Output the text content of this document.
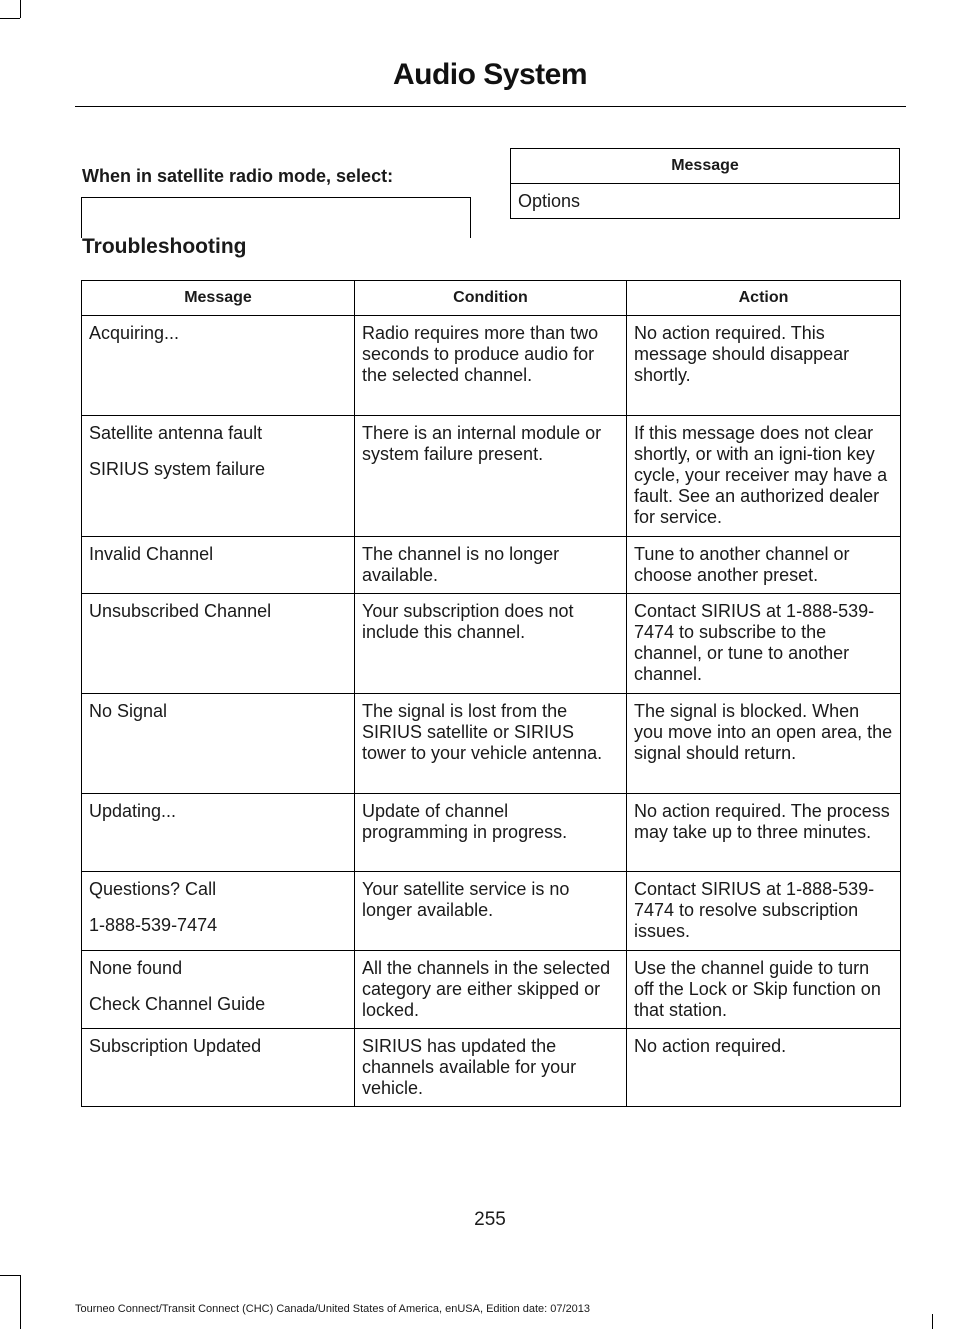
Audio System
When in satellite radio mode, select:
Message
Options
Troubleshooting
Message	Condition	Action

Acquiring...	Radio requires more than two seconds to produce audio for the selected channel.	No action required. This message should disappear shortly.

Satellite antenna fault

SIRIUS system failure	There is an internal module or system failure present.	If this message does not clear shortly, or with an igni-tion key cycle, your receiver may have a fault. See an authorized dealer for service.

Invalid Channel	The channel is no longer available.	Tune to another channel or choose another preset.

Unsubscribed Channel	Your subscription does not include this channel.	Contact SIRIUS at 1-888-539-7474 to subscribe to the channel, or tune to another channel.

No Signal	The signal is lost from the SIRIUS satellite or SIRIUS tower to your vehicle antenna.	The signal is blocked. When you move into an open area, the signal should return.

Updating...	Update of channel programming in progress.	No action required. The process may take up to three minutes.

Questions? Call

1-888-539-7474	Your satellite service is no longer available.	Contact SIRIUS at 1-888-539-7474 to resolve subscription issues.

None found

Check Channel Guide	All the channels in the selected category are either skipped or locked.	Use the channel guide to turn off the Lock or Skip function on that station.

Subscription Updated	SIRIUS has updated the channels available for your vehicle.	No action required.
255
Tourneo Connect/Transit Connect (CHC) Canada/United States of America, enUSA, Edition date: 07/2013
